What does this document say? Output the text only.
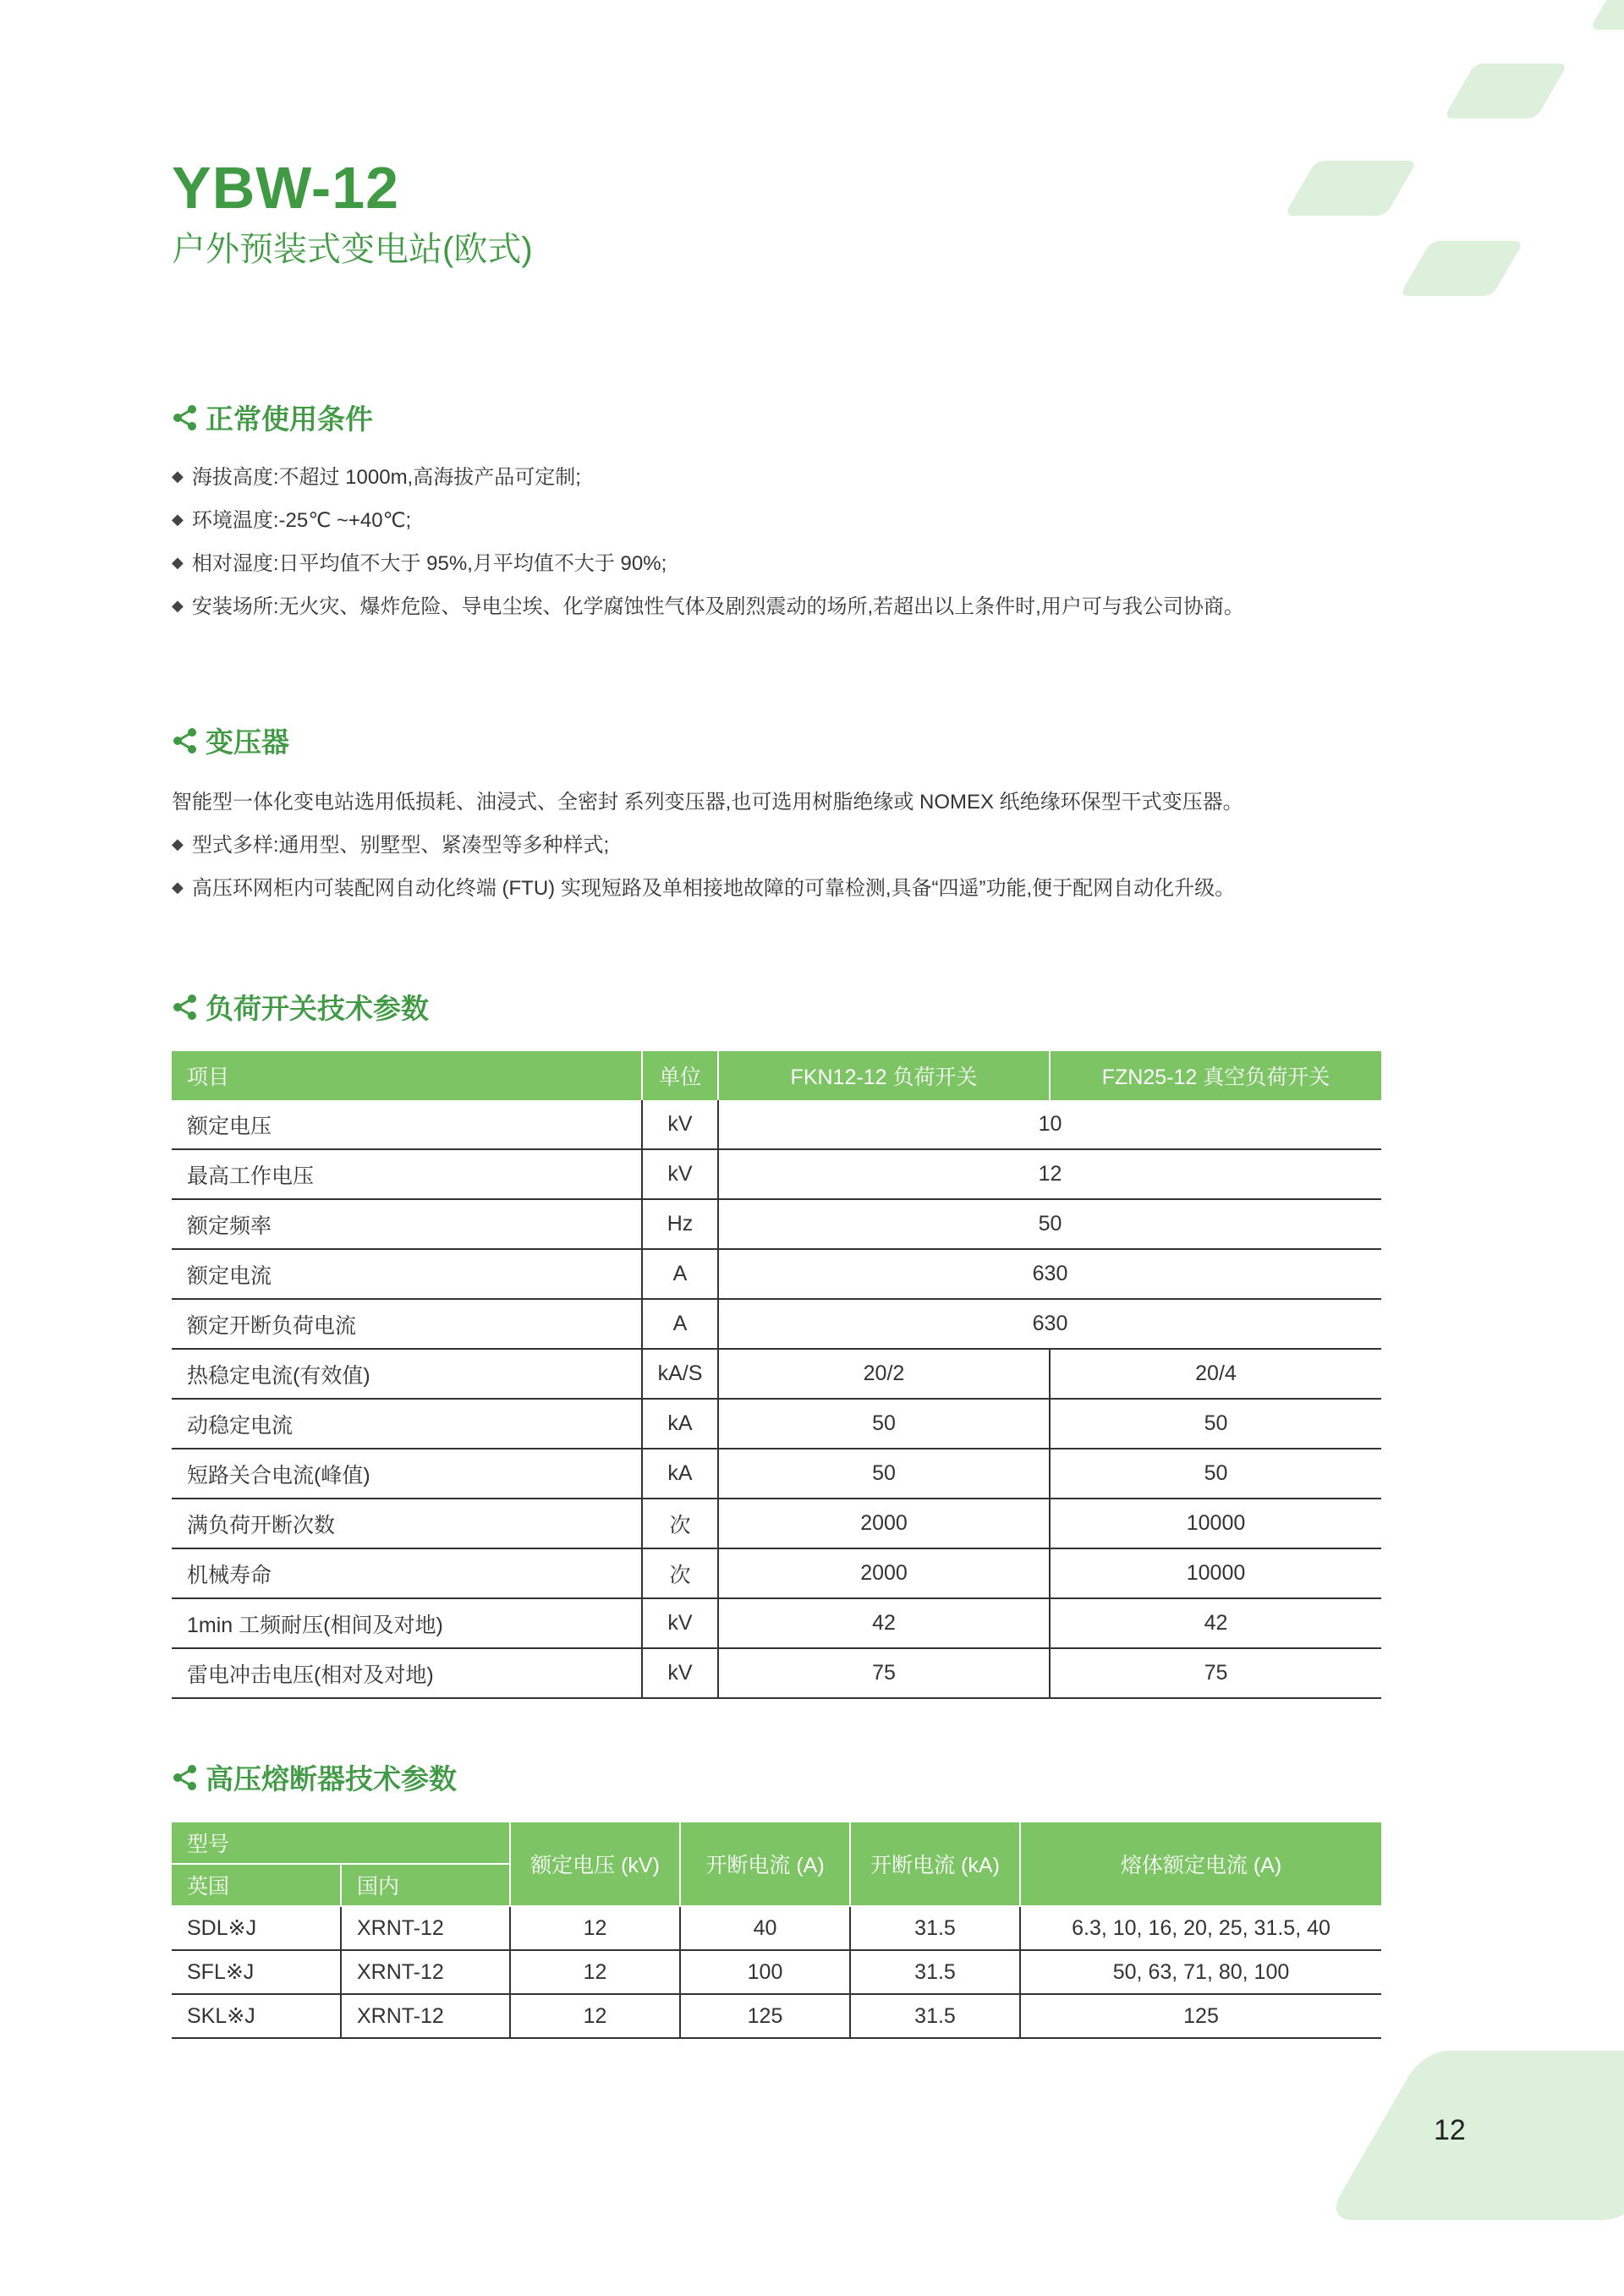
YBW-12
户外预装式变电站(欧式)
正常使用条件

◆ 海拔高度:不超过 1000m,高海拔产品可定制;

◆ 环境温度:-25℃ ~+40℃;

◆ 相对湿度:日平均值不大于 95%,月平均值不大于 90%;

◆ 安装场所:无火灾、爆炸危险、导电尘埃、化学腐蚀性气体及剧烈震动的场所,若超出以上条件时,用户可与我公司协商。

变压器

智能型一体化变电站选用低损耗、油浸式、全密封 系列变压器,也可选用树脂绝缘或 NOMEX 纸绝缘环保型干式变压器。

◆ 型式多样:通用型、别墅型、紧凑型等多种样式;

◆ 高压环网柜内可装配网自动化终端 (FTU) 实现短路及单相接地故障的可靠检测,具备“四遥”功能,便于配网自动化升级。

负荷开关技术参数
项目	单位	FKN12-12 负荷开关	FZN25-12 真空负荷开关
额定电压	kV	10	
最高工作电压	kV	12	
额定频率	Hz	50	
额定电流	A	630	
额定开断负荷电流	A	630	
热稳定电流(有效值)	kA/S	20/2	20/4
动稳定电流	kA	50	50
短路关合电流(峰值)	kA	50	50
满负荷开断次数	次	2000	10000
机械寿命	次	2000	10000
1min 工频耐压(相间及对地)	kV	42	42
雷电冲击电压(相对及对地)	kV	75	75
高压熔断器技术参数
型号		额定电压 (kV)	开断电流 (A)	开断电流 (kA)	熔体额定电流 (A)
英国	国内				
SDL※J	XRNT-12	12	40	31.5	6.3, 10, 16, 20, 25, 31.5, 40
SFL※J	XRNT-12	12	100	31.5	50, 63, 71, 80, 100
SKL※J	XRNT-12	12	125	31.5	125

12
